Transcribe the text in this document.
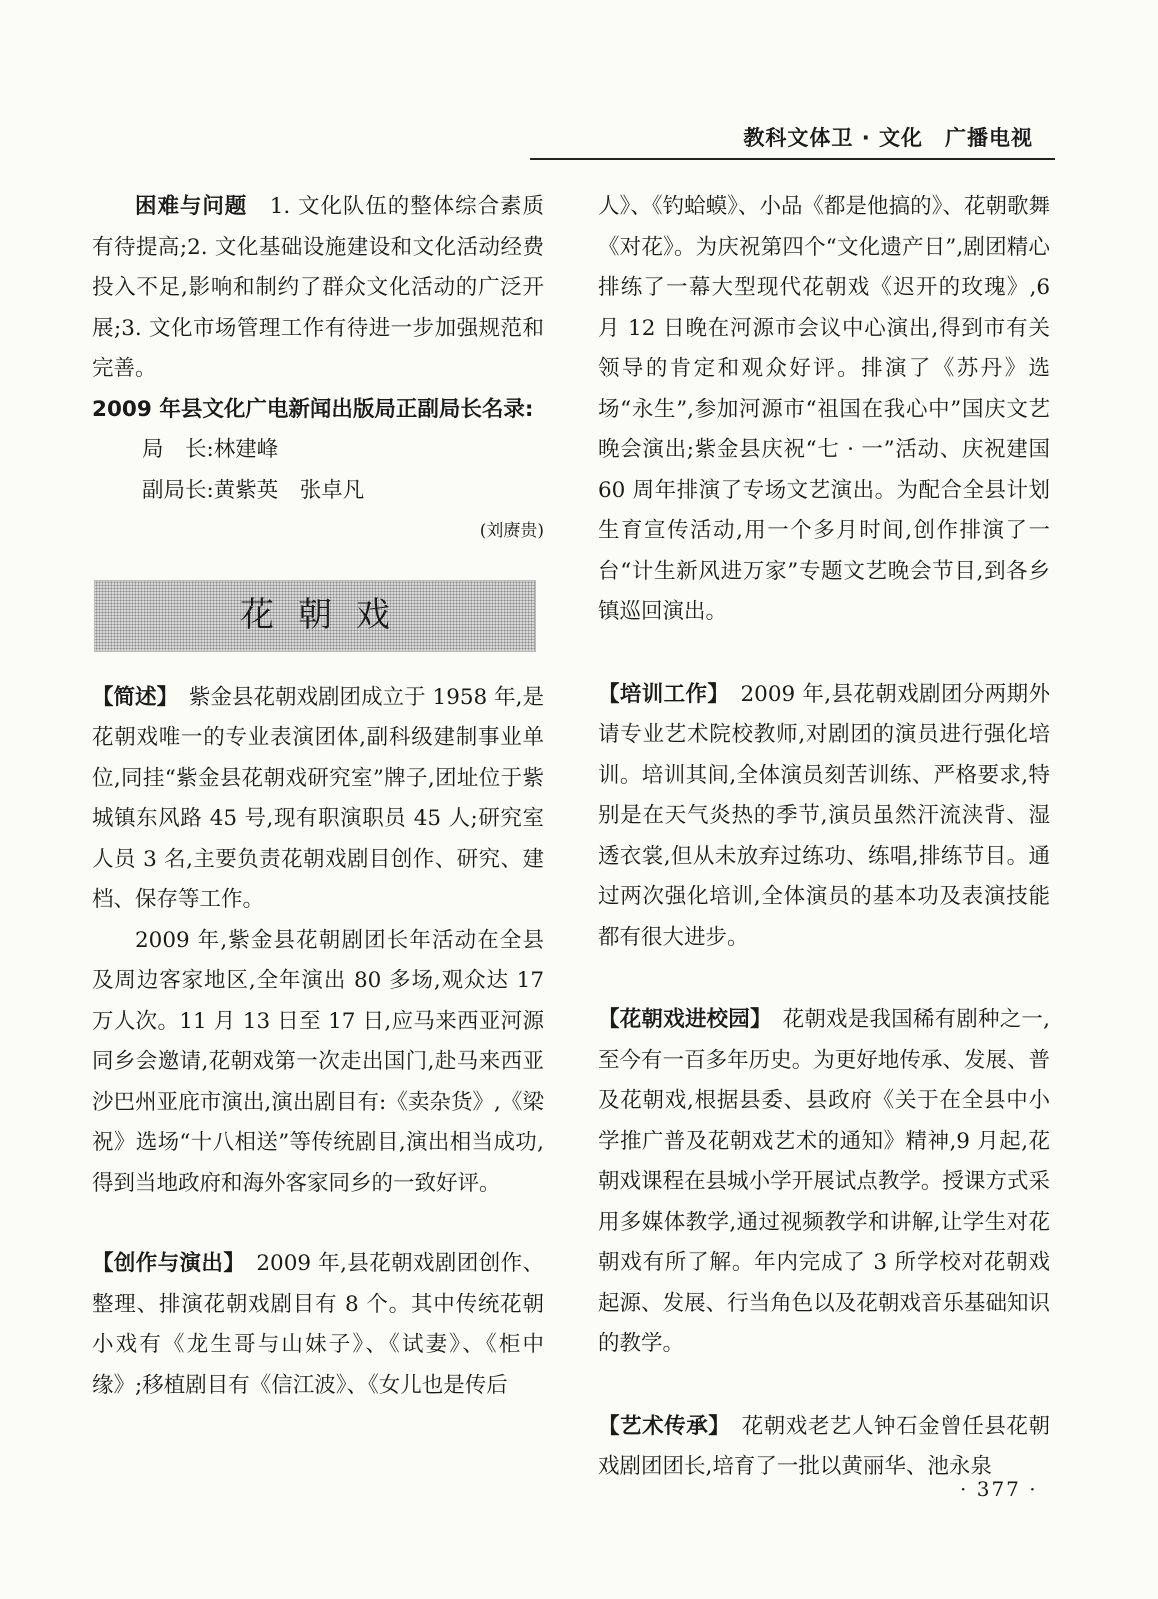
教科文体卫 · 文化　广播电视

困难与问题　 1. 文化队伍的整体综合素质有待提高;2. 文化基础设施建设和文化活动经费投入不足,影响和制约了群众文化活动的广泛开展;3. 文化市场管理工作有待进一步加强规范和完善。

2009 年县文化广电新闻出版局正副局长名录:

局　长:林建峰

副局长:黄紫英　张卓凡

(刘赓贵)

花朝戏

【简述】　 紫金县花朝戏剧团成立于 1958 年,是花朝戏唯一的专业表演团体,副科级建制事业单位,同挂“紫金县花朝戏研究室”牌子,团址位于紫城镇东风路 45 号,现有职演职员 45 人;研究室人员 3 名,主要负责花朝戏剧目创作、研究、建档、保存等工作。

2009 年,紫金县花朝剧团长年活动在全县及周边客家地区,全年演出 80 多场,观众达 17 万人次。11 月 13 日至 17 日,应马来西亚河源同乡会邀请,花朝戏第一次走出国门,赴马来西亚沙巴州亚庇市演出,演出剧目有:《卖杂货》,《梁祝》选场“十八相送”等传统剧目,演出相当成功,得到当地政府和海外客家同乡的一致好评。

【创作与演出】　 2009 年,县花朝戏剧团创作、整理、排演花朝戏剧目有 8 个。其中传统花朝小戏有《龙生哥与山妹子》、《试妻》、《柜中缘》;移植剧目有《信江波》、《女儿也是传后

人》、《钓蛤蟆》、小品《都是他搞的》、花朝歌舞《对花》。为庆祝第四个“文化遗产日”,剧团精心排练了一幕大型现代花朝戏《迟开的玫瑰》,6 月 12 日晚在河源市会议中心演出,得到市有关领导的肯定和观众好评。排演了《苏丹》选场“永生”,参加河源市“祖国在我心中”国庆文艺晚会演出;紫金县庆祝“七 · 一”活动、庆祝建国 60 周年排演了专场文艺演出。为配合全县计划生育宣传活动,用一个多月时间,创作排演了一台“计生新风进万家”专题文艺晚会节目,到各乡镇巡回演出。

【培训工作】　 2009 年,县花朝戏剧团分两期外请专业艺术院校教师,对剧团的演员进行强化培训。培训其间,全体演员刻苦训练、严格要求,特别是在天气炎热的季节,演员虽然汗流浃背、湿透衣裳,但从未放弃过练功、练唱,排练节目。通过两次强化培训,全体演员的基本功及表演技能都有很大进步。

【花朝戏进校园】　 花朝戏是我国稀有剧种之一,至今有一百多年历史。为更好地传承、发展、普及花朝戏,根据县委、县政府《关于在全县中小学推广普及花朝戏艺术的通知》精神,9 月起,花朝戏课程在县城小学开展试点教学。授课方式采用多媒体教学,通过视频教学和讲解,让学生对花朝戏有所了解。年内完成了 3 所学校对花朝戏起源、发展、行当角色以及花朝戏音乐基础知识的教学。

【艺术传承】　 花朝戏老艺人钟石金曾任县花朝戏剧团团长,培育了一批以黄丽华、池永泉

· 377 ·
